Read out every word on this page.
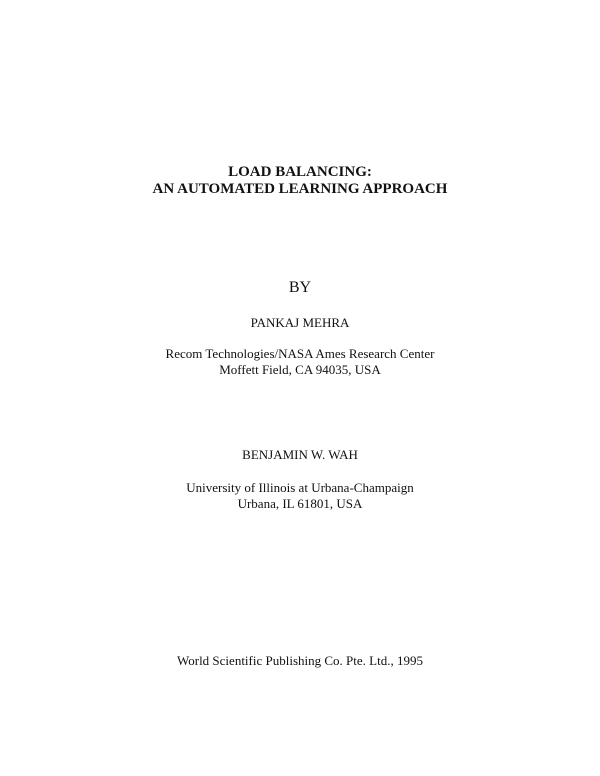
LOAD BALANCING:
AN AUTOMATED LEARNING APPROACH
BY
PANKAJ MEHRA
Recom Technologies/NASA Ames Research Center
Moffett Field, CA 94035, USA
BENJAMIN W. WAH
University of Illinois at Urbana-Champaign
Urbana, IL 61801, USA
World Scientific Publishing Co. Pte. Ltd., 1995
